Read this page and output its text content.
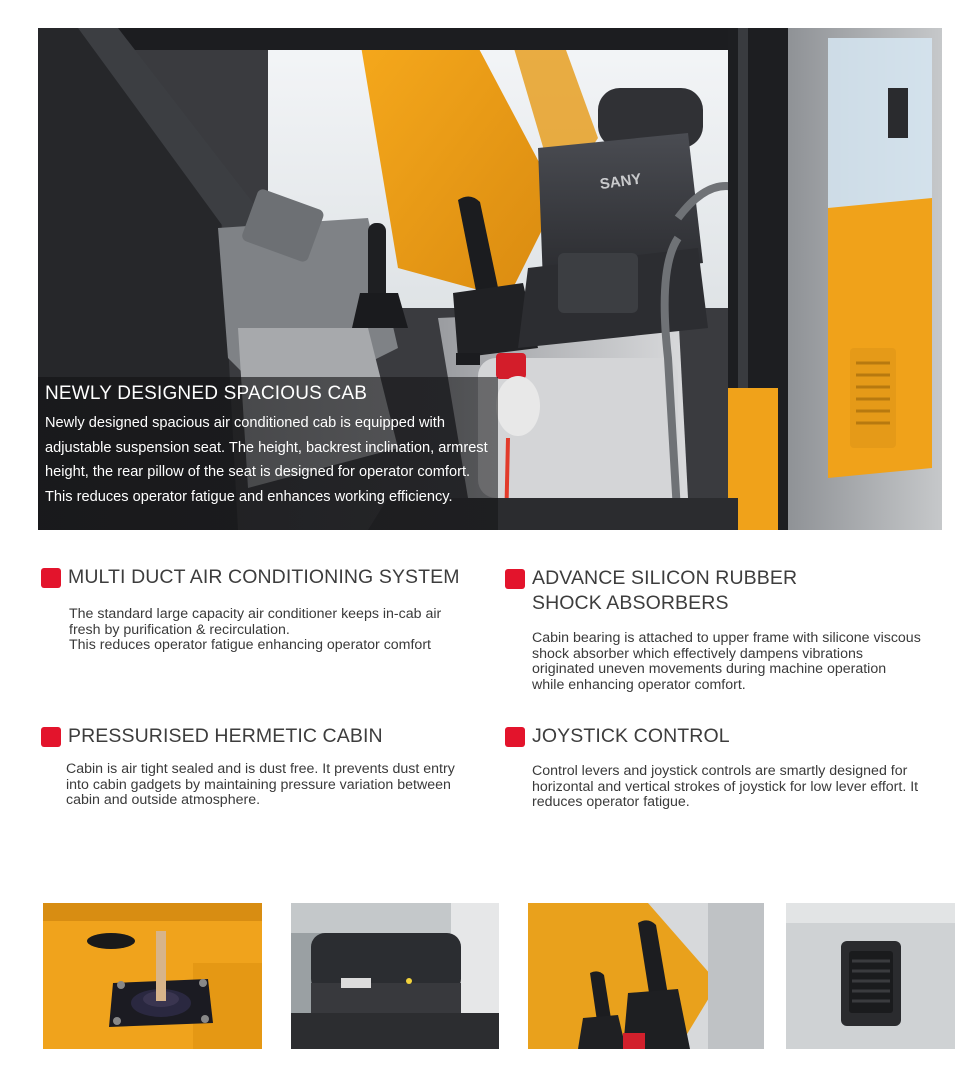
SANY
NEWLY DESIGNED SPACIOUS CAB

Newly designed spacious air conditioned cab is equipped with adjustable suspension seat. The height, backrest inclination, armrest height, the rear pillow of the seat is designed for operator comfort. This reduces operator fatigue and enhances working efficiency.

MULTI DUCT AIR CONDITIONING SYSTEM

The standard large capacity air conditioner keeps in-cab air
fresh by purification & recirculation.
This reduces operator fatigue enhancing operator comfort

ADVANCE SILICON RUBBER
SHOCK ABSORBERS

Cabin bearing is attached to upper frame with silicone viscous
shock absorber which effectively dampens vibrations
originated uneven movements during machine operation
while enhancing operator comfort.

PRESSURISED HERMETIC CABIN

Cabin is air tight sealed and is dust free. It prevents dust entry
into cabin gadgets by maintaining pressure variation between
cabin and outside atmosphere.

JOYSTICK CONTROL

Control levers and joystick controls are smartly designed for
horizontal and vertical strokes of joystick for low lever effort. It
reduces operator fatigue.
